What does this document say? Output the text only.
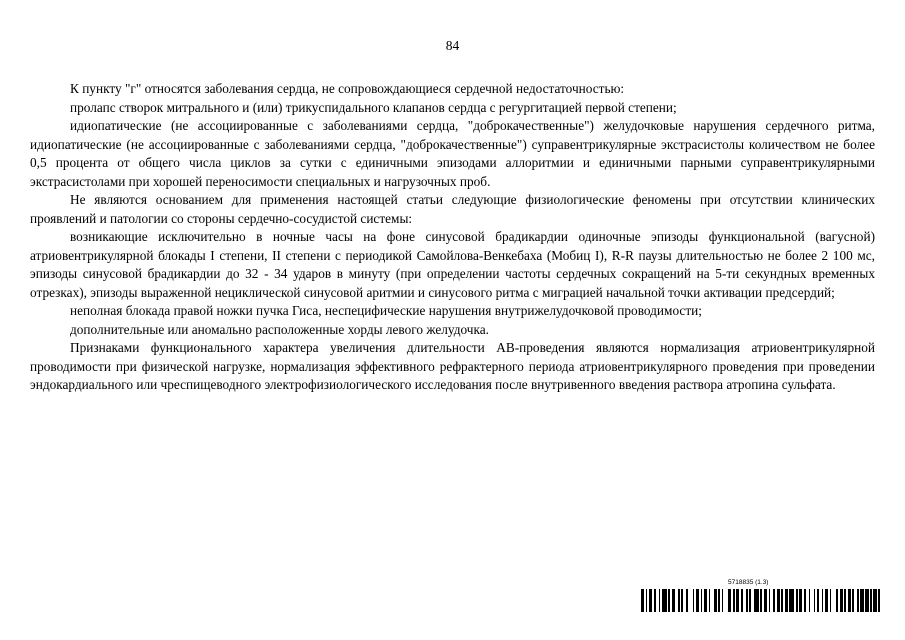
84

К пункту "г" относятся заболевания сердца, не сопровождающиеся сердечной недостаточностью:

пролапс створок митрального и (или) трикуспидального клапанов сердца с регургитацией первой степени;

идиопатические (не ассоциированные с заболеваниями сердца, "доброкачественные") желудочковые нарушения сердечного ритма, идиопатические (не ассоциированные с заболеваниями сердца, "доброкачественные") суправентрикулярные экстрасистолы количеством не более 0,5 процента от общего числа циклов за сутки с единичными эпизодами аллоритмии и единичными парными суправентрикулярными экстрасистолами при хорошей переносимости специальных и нагрузочных проб.

Не являются основанием для применения настоящей статьи следующие физиологические феномены при отсутствии клинических проявлений и патологии со стороны сердечно-сосудистой системы:

возникающие исключительно в ночные часы на фоне синусовой брадикардии одиночные эпизоды функциональной (вагусной) атриовентрикулярной блокады I степени, II степени с периодикой Самойлова-Венкебаха (Мобиц I), R-R паузы длительностью не более 2 100 мс, эпизоды синусовой брадикардии до 32 - 34 ударов в минуту (при определении частоты сердечных сокращений на 5-ти секундных временных отрезках), эпизоды выраженной нециклической синусовой аритмии и синусового ритма с миграцией начальной точки активации предсердий;

неполная блокада правой ножки пучка Гиса, неспецифические нарушения внутрижелудочковой проводимости;

дополнительные или аномально расположенные хорды левого желудочка.

Признаками функционального характера увеличения длительности АВ-проведения являются нормализация атриовентрикулярной проводимости при физической нагрузке, нормализация эффективного рефрактерного периода атриовентрикулярного проведения при проведении эндокардиального или чреспищеводного электрофизиологического исследования после внутривенного введения раствора атропина сульфата.

5718835 (1.3)
